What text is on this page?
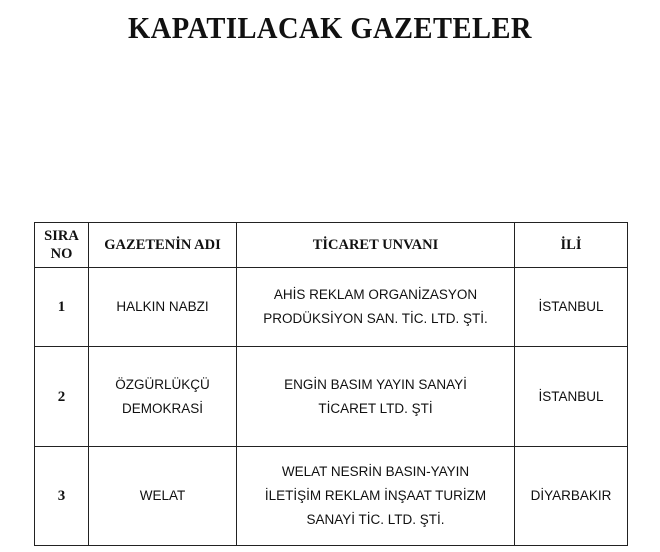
KAPATILACAK GAZETELER
SIRA
NO	GAZETENİN ADI	TİCARET UNVANI	İLİ
1	HALKIN NABZI	AHİS REKLAM ORGANİZASYON
PRODÜKSİYON SAN. TİC. LTD. ŞTİ.	İSTANBUL
2	ÖZGÜRLÜKÇÜ
DEMOKRASİ	ENGİN BASIM YAYIN SANAYİ
TİCARET LTD. ŞTİ	İSTANBUL
3	WELAT	WELAT NESRİN BASIN-YAYIN
İLETİŞİM REKLAM İNŞAAT TURİZM
SANAYİ TİC. LTD. ŞTİ.	DİYARBAKIR
